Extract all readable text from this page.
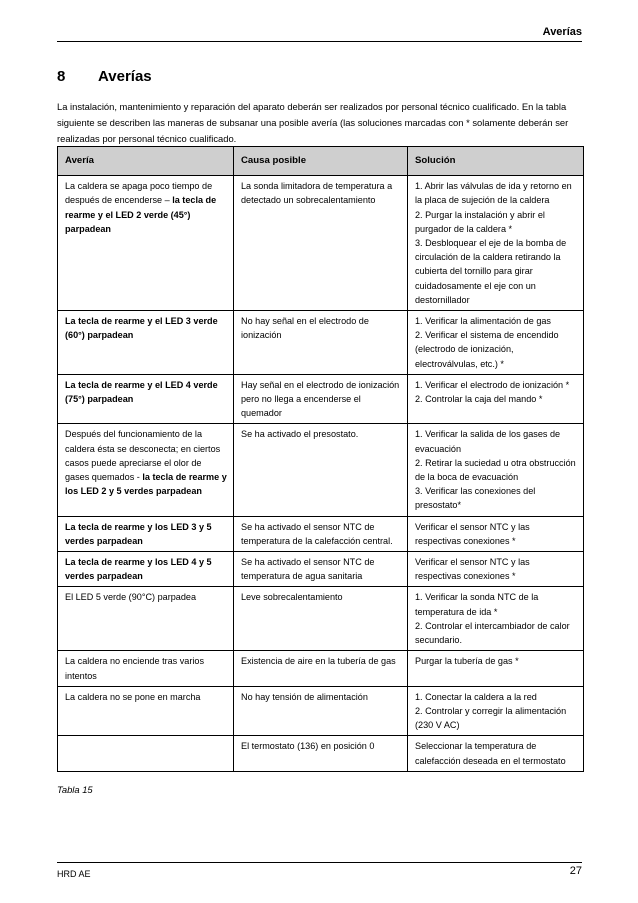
Averías
8 Averías
La instalación, mantenimiento y reparación del aparato deberán ser realizados por personal técnico cualificado. En la tabla siguiente se describen las maneras de subsanar una posible avería (las soluciones marcadas con * solamente deberán ser realizadas por personal técnico cualificado.
Avería	Causa posible	Solución
La caldera se apaga poco tiempo de después de encenderse – la tecla de rearme y el LED 2 verde (45°) parpadean	La sonda limitadora de temperatura a detectado un sobrecalentamiento	1. Abrir las válvulas de ida y retorno en la placa de sujeción de la caldera
2. Purgar la instalación y abrir el purgador de la caldera *
3. Desbloquear el eje de la bomba de circulación de la caldera retirando la cubierta del tornillo para girar cuidadosamente el eje con un destornillador

La tecla de rearme y el LED 3 verde (60°) parpadean	No hay señal en el electrodo de ionización	1. Verificar la alimentación de gas
2. Verificar el sistema de encendido (electrodo de ionización, electroválvulas, etc.) *

La tecla de rearme y el LED 4 verde (75°) parpadean	Hay señal en el electrodo de ionización pero no llega a encenderse el quemador	1. Verificar el electrodo de ionización *
2. Controlar la caja del mando *

Después del funcionamiento de la caldera ésta se desconecta; en ciertos casos puede apreciarse el olor de gases quemados - la tecla de rearme y los LED 2 y 5 verdes parpadean	Se ha activado el presostato.	1. Verificar la salida de los gases de evacuación
2. Retirar la suciedad u otra obstrucción de la boca de evacuación
3. Verificar las conexiones del presostato*

La tecla de rearme y los LED 3 y 5 verdes parpadean	Se ha activado el sensor NTC de temperatura de la calefacción central.	Verificar el sensor NTC y las respectivas conexiones *

La tecla de rearme y los LED 4 y 5 verdes parpadean	Se ha activado el sensor NTC de temperatura de agua sanitaria	Verificar el sensor NTC y las respectivas conexiones *

El LED 5 verde (90°C) parpadea	Leve sobrecalentamiento	1. Verificar la sonda NTC de la temperatura de ida *
2. Controlar el intercambiador de calor secundario.

La caldera no enciende tras varios intentos	Existencia de aire en la tubería de gas	Purgar la tubería de gas *

La caldera no se pone en marcha	No hay tensión de alimentación	1. Conectar la caldera a la red
2. Controlar y corregir la alimentación (230 V AC)

	El termostato (136) en posición 0	Seleccionar la temperatura de calefacción deseada en el termostato
Tabla 15
HRD AE	27
